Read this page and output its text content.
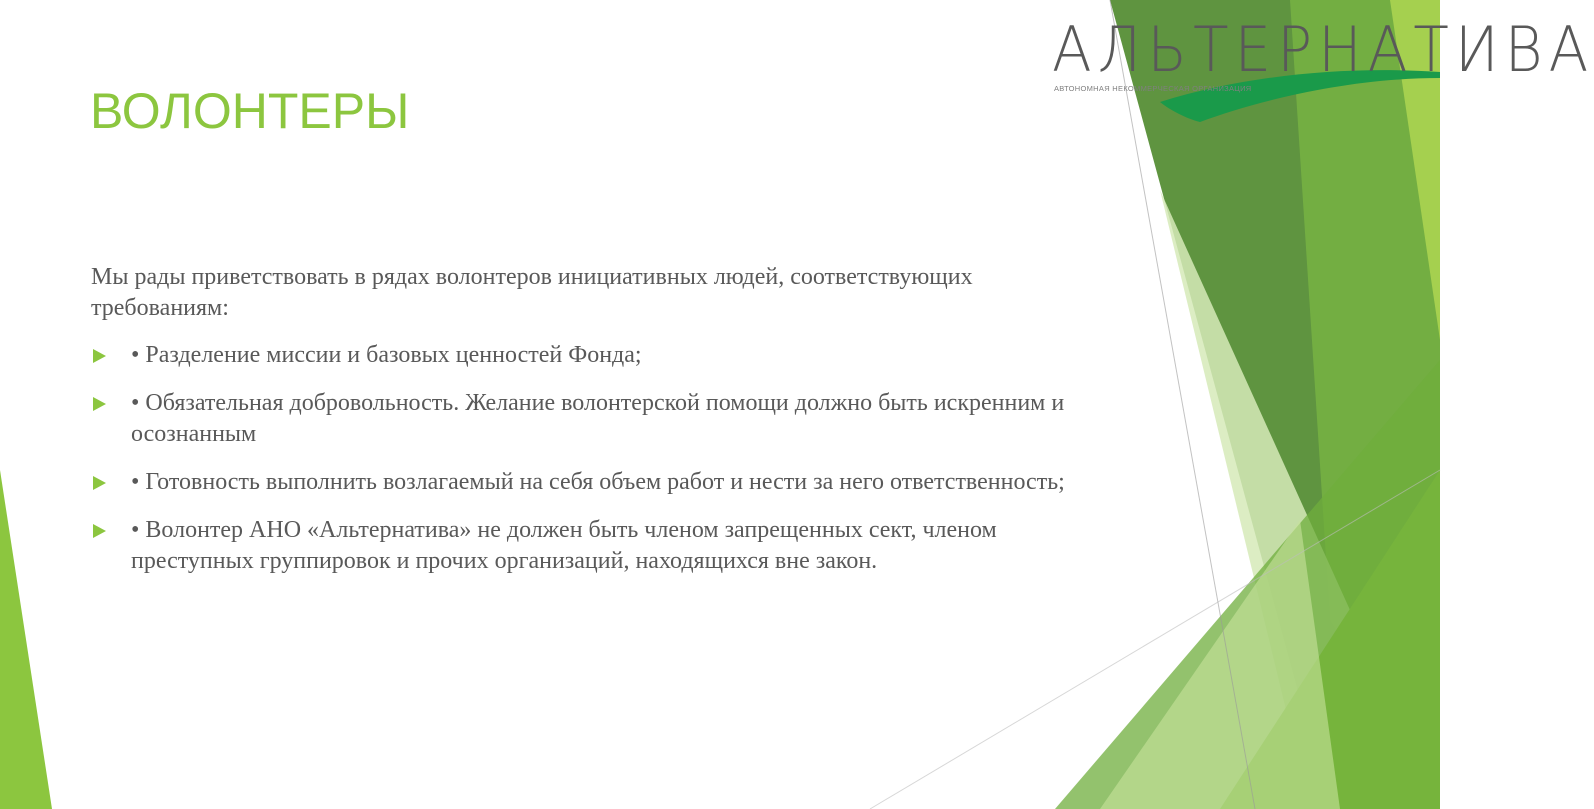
АЛЬТЕРНАТИВА
АВТОНОМНАЯ НЕКОММЕРЧЕСКАЯ ОРГАНИЗАЦИЯ
ВОЛОНТЕРЫ

Мы рады приветствовать в рядах волонтеров инициативных людей, соответствующих требованиям:

• Разделение миссии и базовых ценностей Фонда;
• Обязательная добровольность. Желание волонтерской помощи должно быть искренним и осознанным
• Готовность выполнить возлагаемый на себя объем работ и нести за него ответственность;
• Волонтер АНО «Альтернатива» не должен быть членом запрещенных сект, членом преступных группировок и прочих организаций, находящихся вне закон.
